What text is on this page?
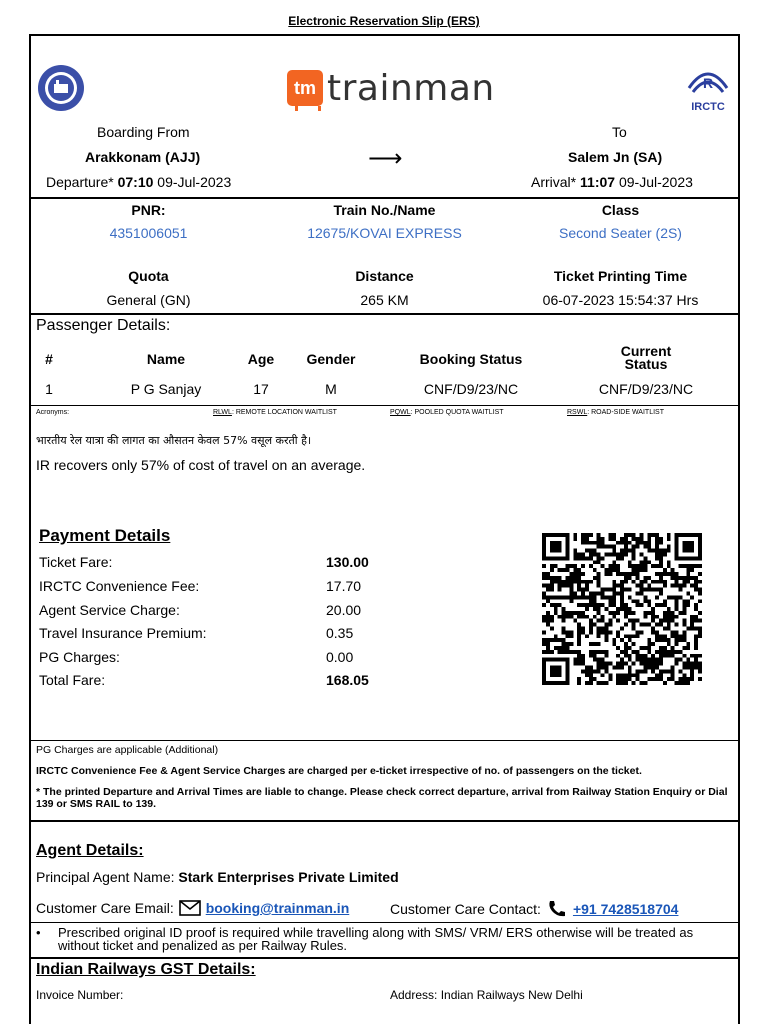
Electronic Reservation Slip (ERS)
tm trainman	R
IRCTC
Boarding From	To
Arakkonam (AJJ)	⟶	Salem Jn (SA)
Departure* 07:10 09-Jul-2023	Arrival* 11:07 09-Jul-2023
PNR:	Train No./Name	Class
4351006051	12675/KOVAI EXPRESS	Second Seater (2S)
Quota	Distance	Ticket Printing Time
General (GN)	265 KM	06-07-2023 15:54:37 Hrs
Passenger Details:
#	Name	Age	Gender	Booking Status	Current Status
1	P G Sanjay	17	M	CNF/D9/23/NC	CNF/D9/23/NC
Acronyms:	RLWL: REMOTE LOCATION WAITLIST	PQWL: POOLED QUOTA WAITLIST	RSWL: ROAD-SIDE WAITLIST
भारतीय रेल यात्रा की लागत का औसतन केवल 57% वसूल करती है।
IR recovers only 57% of cost of travel on an average.
Payment Details
Ticket Fare:	130.00
IRCTC Convenience Fee:	17.70
Agent Service Charge:	20.00
Travel Insurance Premium:	0.35
PG Charges:	0.00
Total Fare:	168.05
PG Charges are applicable (Additional)
IRCTC Convenience Fee & Agent Service Charges are charged per e-ticket irrespective of no. of passengers on the ticket.
* The printed Departure and Arrival Times are liable to change. Please check correct departure, arrival from Railway Station Enquiry or Dial 139 or SMS RAIL to 139.
Agent Details:
Principal Agent Name: Stark Enterprises Private Limited
Customer Care Email: booking@trainman.in	Customer Care Contact: +91 7428518704
•	Prescribed original ID proof is required while travelling along with SMS/ VRM/ ERS otherwise will be treated as without ticket and penalized as per Railway Rules.
Indian Railways GST Details:
Invoice Number:	Address: Indian Railways New Delhi
